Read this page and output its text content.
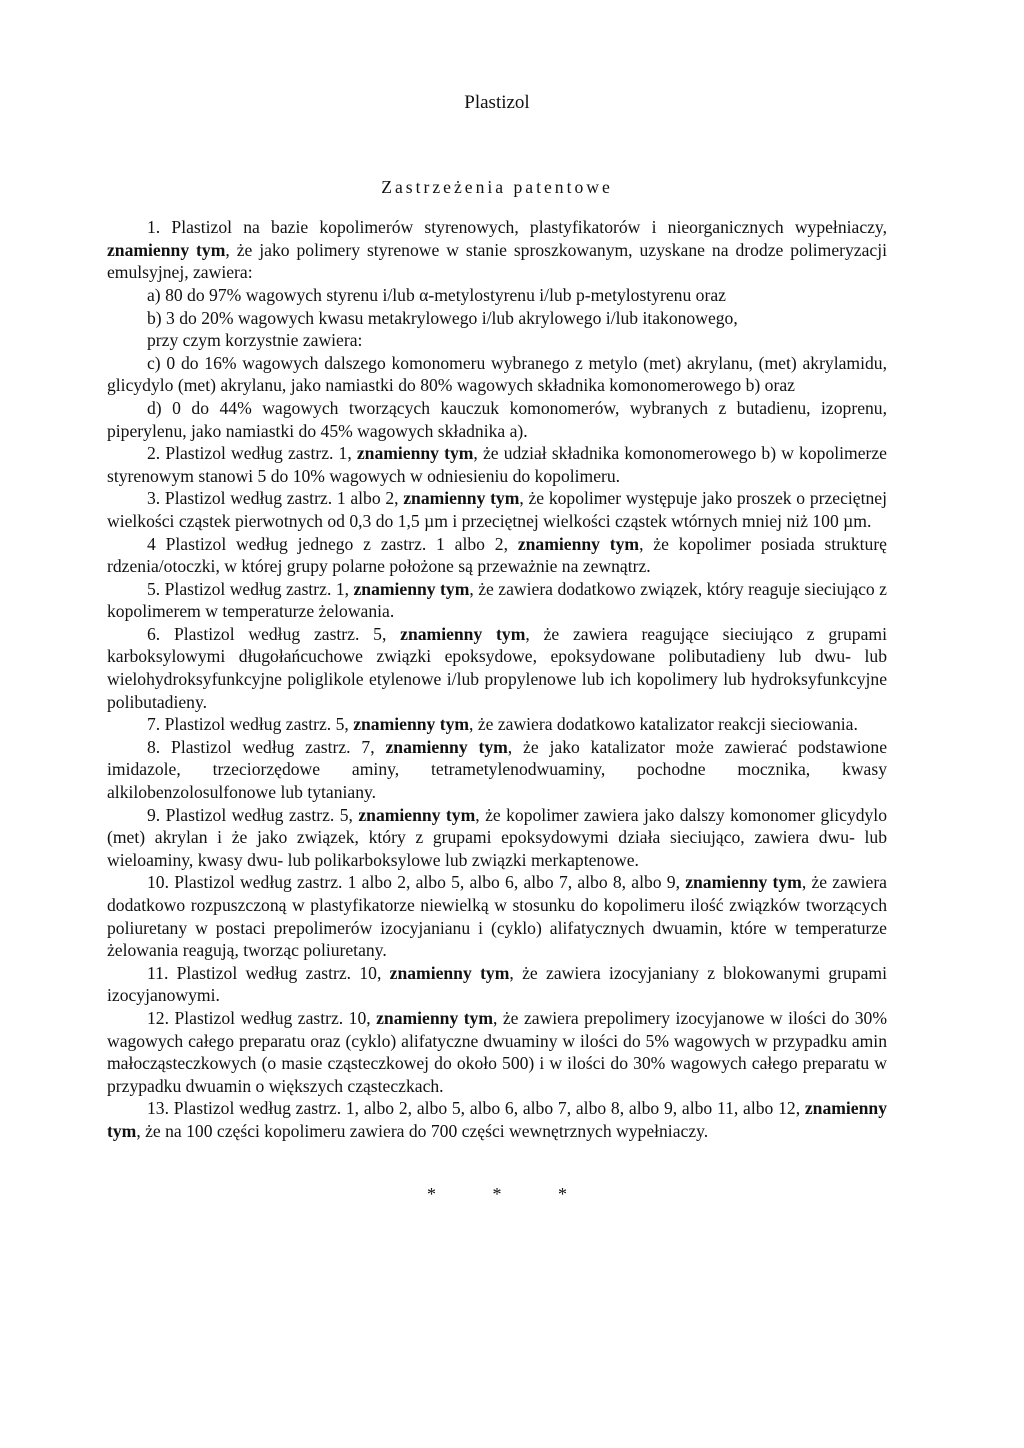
Plastizol
Zastrzeżenia patentowe

1. Plastizol na bazie kopolimerów styrenowych, plastyfikatorów i nieorganicznych wypełniaczy, znamienny tym, że jako polimery styrenowe w stanie sproszkowanym, uzyskane na drodze polimeryzacji emulsyjnej, zawiera:

a) 80 do 97% wagowych styrenu i/lub α-metylostyrenu i/lub p-metylostyrenu oraz

b) 3 do 20% wagowych kwasu metakrylowego i/lub akrylowego i/lub itakonowego,

przy czym korzystnie zawiera:

c) 0 do 16% wagowych dalszego komonomeru wybranego z metylo (met) akrylanu, (met) akrylamidu, glicydylo (met) akrylanu, jako namiastki do 80% wagowych składnika komonomerowego b) oraz

d) 0 do 44% wagowych tworzących kauczuk komonomerów, wybranych z butadienu, izoprenu, piperylenu, jako namiastki do 45% wagowych składnika a).

2. Plastizol według zastrz. 1, znamienny tym, że udział składnika komonomerowego b) w kopolimerze styrenowym stanowi 5 do 10% wagowych w odniesieniu do kopolimeru.

3. Plastizol według zastrz. 1 albo 2, znamienny tym, że kopolimer występuje jako proszek o przeciętnej wielkości cząstek pierwotnych od 0,3 do 1,5 µm i przeciętnej wielkości cząstek wtórnych mniej niż 100 µm.

4 Plastizol według jednego z zastrz. 1 albo 2, znamienny tym, że kopolimer posiada strukturę rdzenia/otoczki, w której grupy polarne położone są przeważnie na zewnątrz.

5. Plastizol według zastrz. 1, znamienny tym, że zawiera dodatkowo związek, który reaguje sieciująco z kopolimerem w temperaturze żelowania.

6. Plastizol według zastrz. 5, znamienny tym, że zawiera reagujące sieciująco z grupami karboksylowymi długołańcuchowe związki epoksydowe, epoksydowane polibutadieny lub dwu- lub wielohydroksyfunkcyjne poliglikole etylenowe i/lub propylenowe lub ich kopolimery lub hydroksyfunkcyjne polibutadieny.

7. Plastizol według zastrz. 5, znamienny tym, że zawiera dodatkowo katalizator reakcji sieciowania.

8. Plastizol według zastrz. 7, znamienny tym, że jako katalizator może zawierać podstawione imidazole, trzeciorzędowe aminy, tetrametylenodwuaminy, pochodne mocznika, kwasy alkilobenzolosulfonowe lub tytaniany.

9. Plastizol według zastrz. 5, znamienny tym, że kopolimer zawiera jako dalszy komonomer glicydylo (met) akrylan i że jako związek, który z grupami epoksydowymi działa sieciująco, zawiera dwu- lub wieloaminy, kwasy dwu- lub polikarboksylowe lub związki merkaptenowe.

10. Plastizol według zastrz. 1 albo 2, albo 5, albo 6, albo 7, albo 8, albo 9, znamienny tym, że zawiera dodatkowo rozpuszczoną w plastyfikatorze niewielką w stosunku do kopolimeru ilość związków tworzących poliuretany w postaci prepolimerów izocyjanianu i (cyklo) alifatycznych dwuamin, które w temperaturze żelowania reagują, tworząc poliuretany.

11. Plastizol według zastrz. 10, znamienny tym, że zawiera izocyjaniany z blokowanymi grupami izocyjanowymi.

12. Plastizol według zastrz. 10, znamienny tym, że zawiera prepolimery izocyjanowe w ilości do 30% wagowych całego preparatu oraz (cyklo) alifatyczne dwuaminy w ilości do 5% wagowych w przypadku amin małocząsteczkowych (o masie cząsteczkowej do około 500) i w ilości do 30% wagowych całego preparatu w przypadku dwuamin o większych cząsteczkach.

13. Plastizol według zastrz. 1, albo 2, albo 5, albo 6, albo 7, albo 8, albo 9, albo 11, albo 12, znamienny tym, że na 100 części kopolimeru zawiera do 700 części wewnętrznych wypełniaczy.

* * *
